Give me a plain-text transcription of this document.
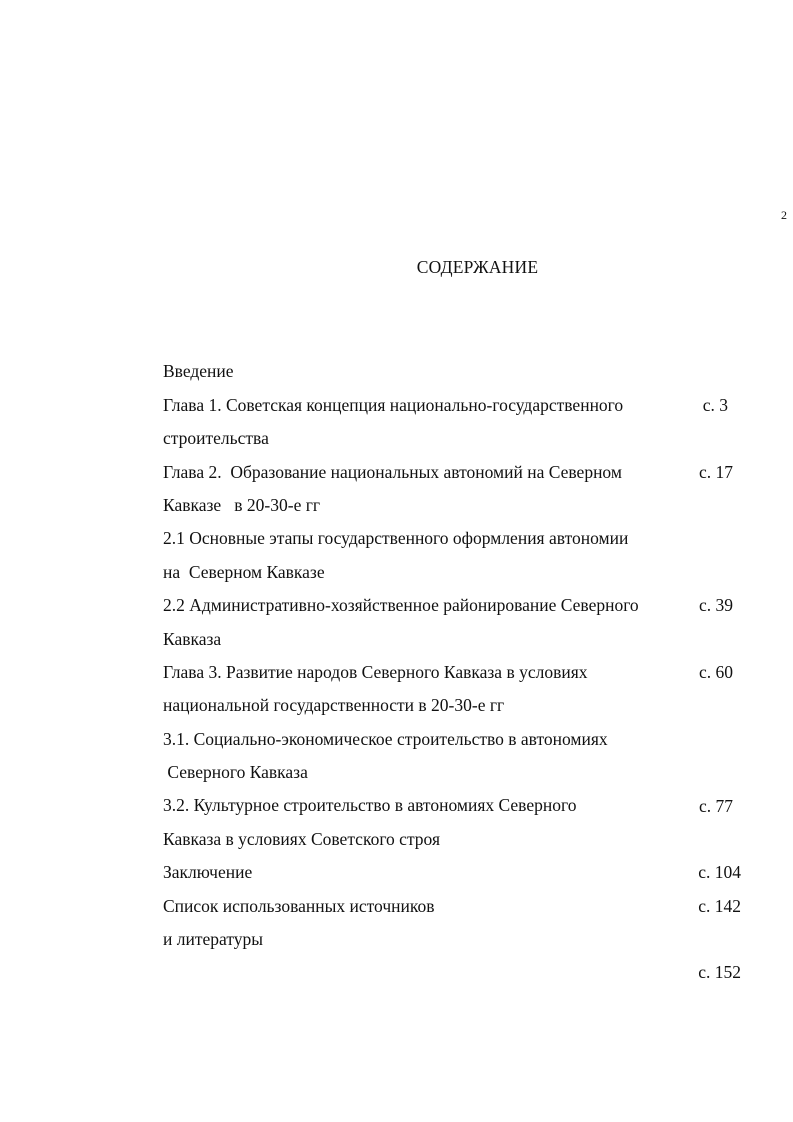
2
СОДЕРЖАНИЕ

Введение

с. 3

Глава 1. Советская концепция национально-государственного

строительства

с. 17

Глава 2.  Образование национальных автономий на Северном

Кавказе   в 20-30-е гг

2.1 Основные этапы государственного оформления автономии

на  Северном Кавказе

с. 39

2.2 Административно-хозяйственное районирование Северного

Кавказа

с. 60

Глава 3. Развитие народов Северного Кавказа в условиях

национальной государственности в 20-30-е гг

3.1. Социально-экономическое строительство в автономиях

Северного Кавказа

с. 77

3.2. Культурное строительство в автономиях Северного

Кавказа в условиях Советского строя

с. 104

Заключение

с. 142

Список использованных источников

и литературы

с. 152
